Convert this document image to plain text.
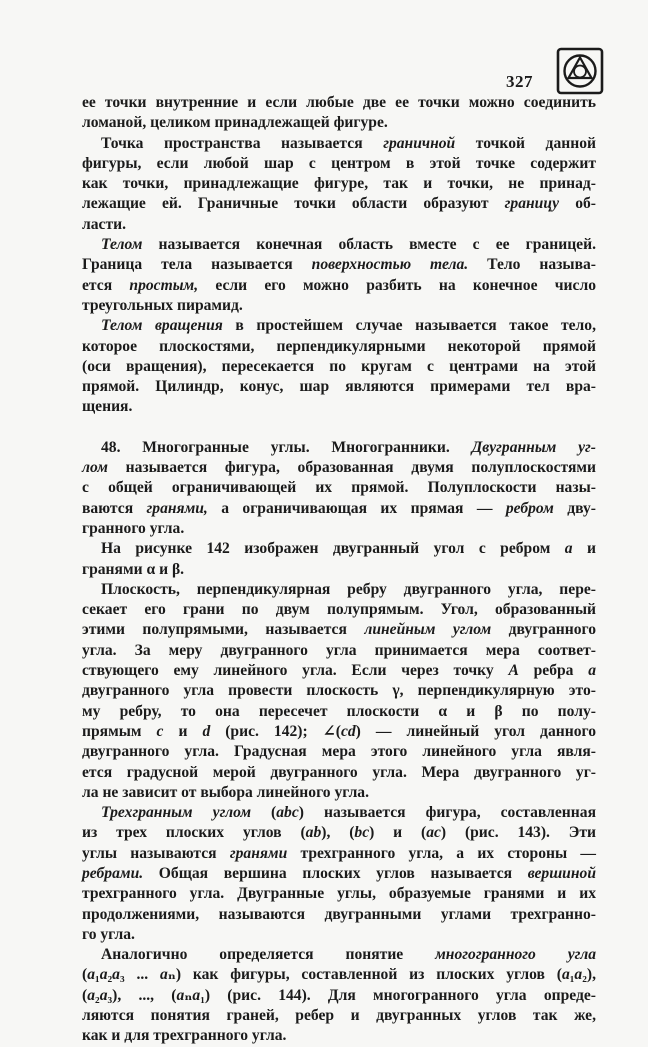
327
ее точки внутренние и если любые две ее точки можно соединить
ломаной, целиком принадлежащей фигуре.
Точка пространства называется граничной точкой данной
фигуры, если любой шар с центром в этой точке содержит
как точки, принадлежащие фигуре, так и точки, не принад-
лежащие ей. Граничные точки области образуют границу об-
ласти.
Телом называется конечная область вместе с ее границей.
Граница тела называется поверхностью тела. Тело называ-
ется простым, если его можно разбить на конечное число
треугольных пирамид.
Телом вращения в простейшем случае называется такое тело,
которое плоскостями, перпендикулярными некоторой прямой
(оси вращения), пересекается по кругам с центрами на этой
прямой. Цилиндр, конус, шар являются примерами тел вра-
щения.
48. Многогранные углы. Многогранники. Двугранным уг-
лом называется фигура, образованная двумя полуплоскостями
с общей ограничивающей их прямой. Полуплоскости назы-
ваются гранями, а ограничивающая их прямая — ребром дву-
гранного угла.
На рисунке 142 изображен двугранный угол с ребром a и
гранями α и β.
Плоскость, перпендикулярная ребру двугранного угла, пере-
секает его грани по двум полупрямым. Угол, образованный
этими полупрямыми, называется линейным углом двугранного
угла. За меру двугранного угла принимается мера соответ-
ствующего ему линейного угла. Если через точку A ребра a
двугранного угла провести плоскость γ, перпендикулярную это-
му ребру, то она пересечет плоскости α и β по полу-
прямым c и d (рис. 142); ∠(cd) — линейный угол данного
двугранного угла. Градусная мера этого линейного угла явля-
ется градусной мерой двугранного угла. Мера двугранного уг-
ла не зависит от выбора линейного угла.
Трехгранным углом (abc) называется фигура, составленная
из трех плоских углов (ab), (bc) и (ac) (рис. 143). Эти
углы называются гранями трехгранного угла, а их стороны —
ребрами. Общая вершина плоских углов называется вершиной
трехгранного угла. Двугранные углы, образуемые гранями и их
продолжениями, называются двугранными углами трехгранно-
го угла.
Аналогично определяется понятие многогранного угла
(a₁a₂a₃ ... aₙ) как фигуры, составленной из плоских углов (a₁a₂),
(a₂a₃), ..., (aₙa₁) (рис. 144). Для многогранного угла опреде-
ляются понятия граней, ребер и двугранных углов так же,
как и для трехгранного угла.
